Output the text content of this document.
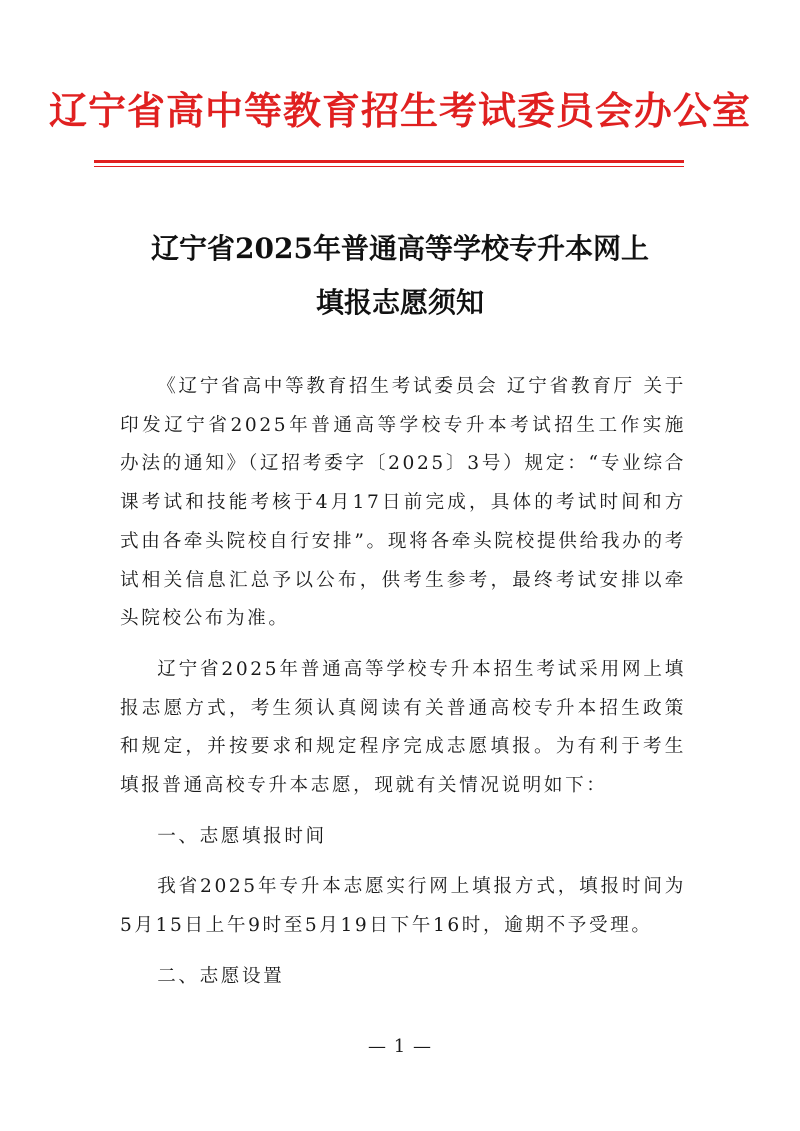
辽宁省高中等教育招生考试委员会办公室
辽宁省2025年普通高等学校专升本网上
填报志愿须知

《辽宁省高中等教育招生考试委员会 辽宁省教育厅 关于印发辽宁省2025年普通高等学校专升本考试招生工作实施办法的通知》（辽招考委字〔2025〕3号）规定：“专业综合课考试和技能考核于4月17日前完成，具体的考试时间和方式由各牵头院校自行安排”。现将各牵头院校提供给我办的考试相关信息汇总予以公布，供考生参考，最终考试安排以牵头院校公布为准。

辽宁省2025年普通高等学校专升本招生考试采用网上填报志愿方式，考生须认真阅读有关普通高校专升本招生政策和规定，并按要求和规定程序完成志愿填报。为有利于考生填报普通高校专升本志愿，现就有关情况说明如下：

一、志愿填报时间

我省2025年专升本志愿实行网上填报方式，填报时间为5月15日上午9时至5月19日下午16时，逾期不予受理。

二、志愿设置

— 1 —
